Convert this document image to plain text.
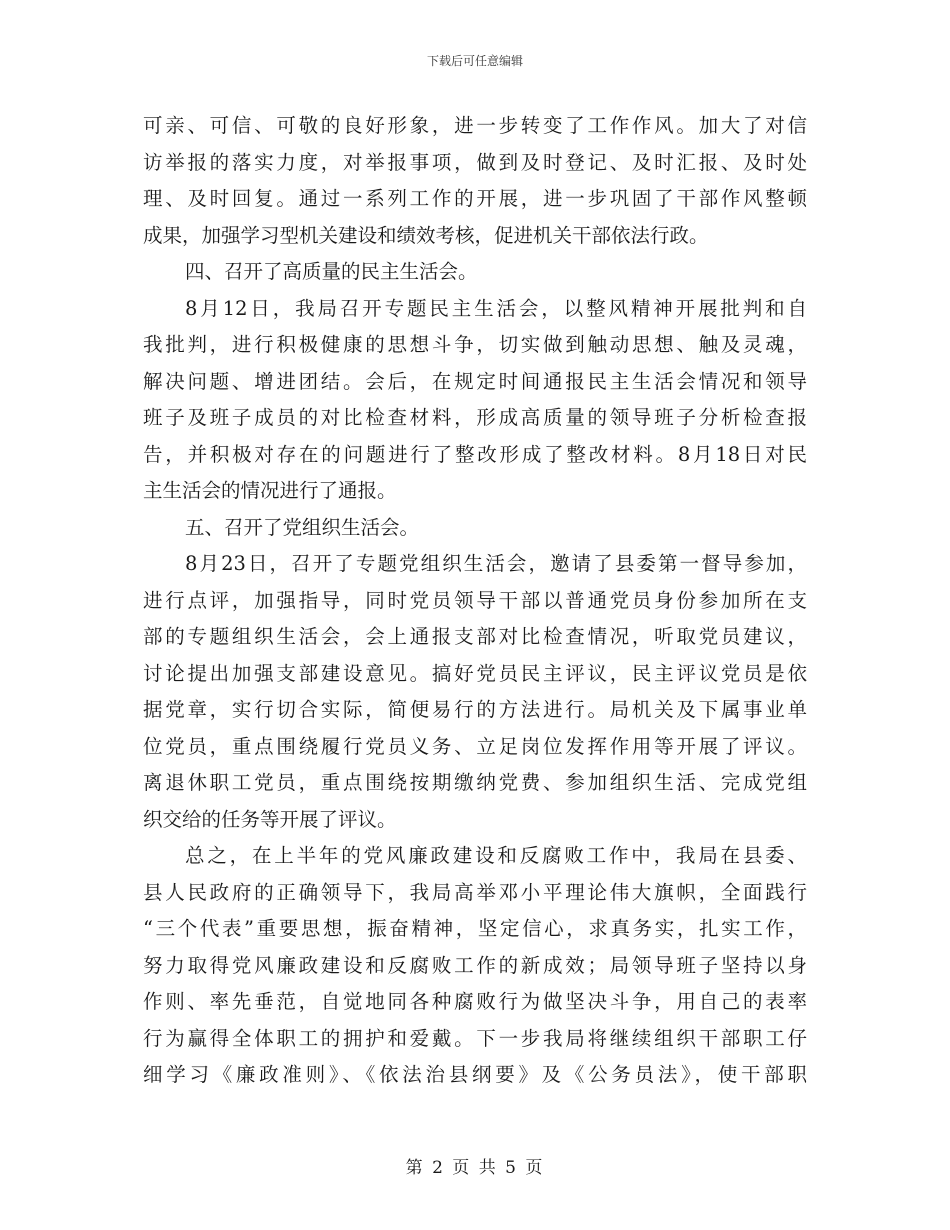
下载后可任意编辑
可亲、可信、可敬的良好形象，进一步转变了工作作风。加大了对信
访举报的落实力度，对举报事项，做到及时登记、及时汇报、及时处
理、及时回复。通过一系列工作的开展，进一步巩固了干部作风整顿
成果，加强学习型机关建设和绩效考核，促进机关干部依法行政。
四、召开了高质量的民主生活会。
8月12日，我局召开专题民主生活会，以整风精神开展批判和自
我批判，进行积极健康的思想斗争，切实做到触动思想、触及灵魂，
解决问题、增进团结。会后，在规定时间通报民主生活会情况和领导
班子及班子成员的对比检查材料，形成高质量的领导班子分析检查报
告，并积极对存在的问题进行了整改形成了整改材料。8月18日对民
主生活会的情况进行了通报。
五、召开了党组织生活会。
8月23日，召开了专题党组织生活会，邀请了县委第一督导参加，
进行点评，加强指导，同时党员领导干部以普通党员身份参加所在支
部的专题组织生活会，会上通报支部对比检查情况，听取党员建议，
讨论提出加强支部建设意见。搞好党员民主评议，民主评议党员是依
据党章，实行切合实际，简便易行的方法进行。局机关及下属事业单
位党员，重点围绕履行党员义务、立足岗位发挥作用等开展了评议。
离退休职工党员，重点围绕按期缴纳党费、参加组织生活、完成党组
织交给的任务等开展了评议。
总之，在上半年的党风廉政建设和反腐败工作中，我局在县委、
县人民政府的正确领导下，我局高举邓小平理论伟大旗帜，全面践行
“三个代表”重要思想，振奋精神，坚定信心，求真务实，扎实工作，
努力取得党风廉政建设和反腐败工作的新成效；局领导班子坚持以身
作则、率先垂范，自觉地同各种腐败行为做坚决斗争，用自己的表率
行为赢得全体职工的拥护和爱戴。下一步我局将继续组织干部职工仔
细学习《廉政准则》、《依法治县纲要》及《公务员法》，使干部职
第 2 页 共 5 页
